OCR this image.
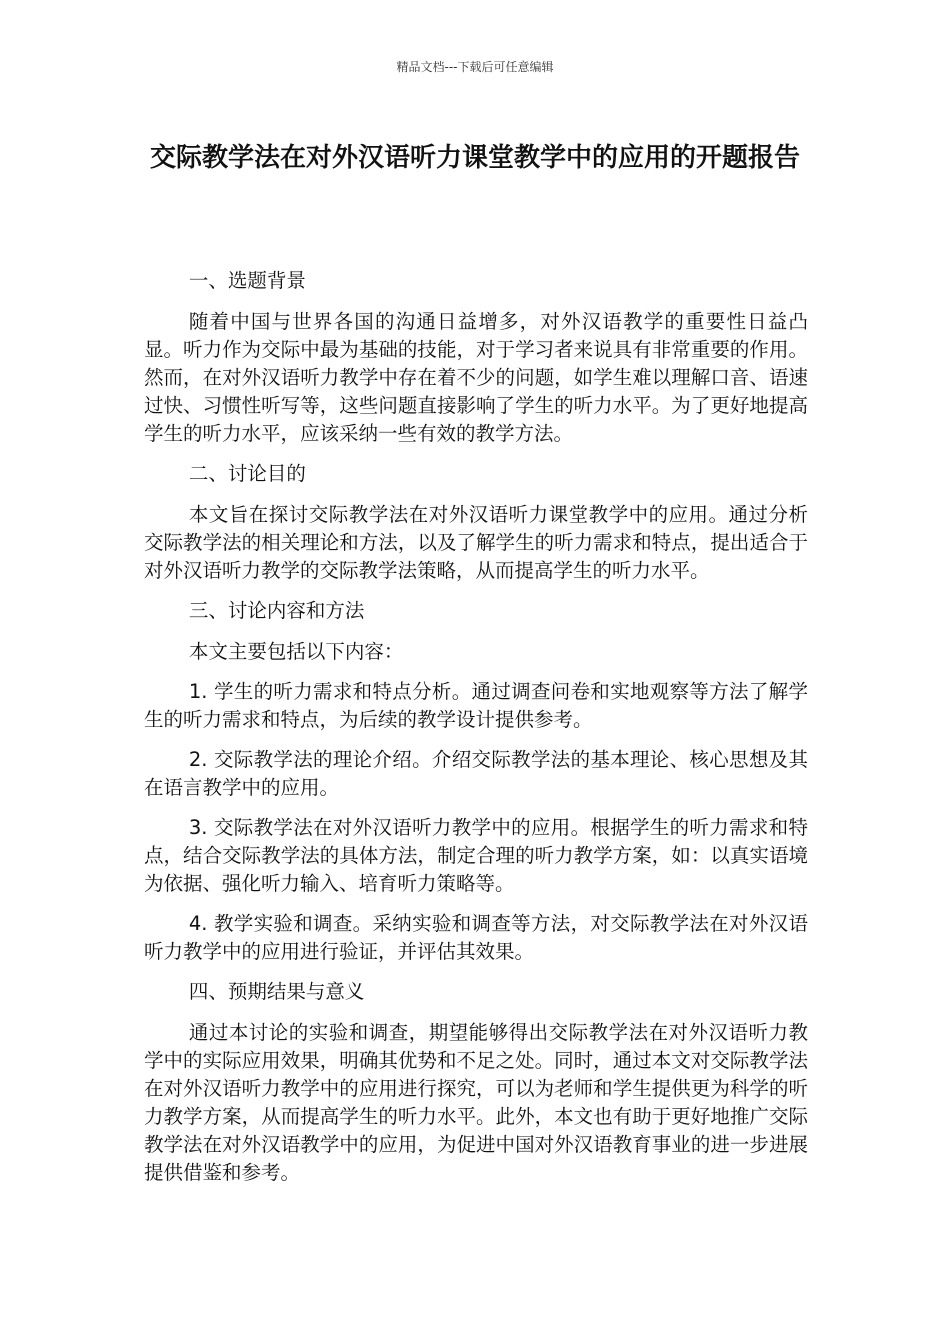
精品文档---下载后可任意编辑
交际教学法在对外汉语听力课堂教学中的应用的开题报告

一、选题背景

随着中国与世界各国的沟通日益增多，对外汉语教学的重要性日益凸显。听力作为交际中最为基础的技能，对于学习者来说具有非常重要的作用。然而，在对外汉语听力教学中存在着不少的问题，如学生难以理解口音、语速过快、习惯性听写等，这些问题直接影响了学生的听力水平。为了更好地提高学生的听力水平，应该采纳一些有效的教学方法。

二、讨论目的

本文旨在探讨交际教学法在对外汉语听力课堂教学中的应用。通过分析交际教学法的相关理论和方法，以及了解学生的听力需求和特点，提出适合于对外汉语听力教学的交际教学法策略，从而提高学生的听力水平。

三、讨论内容和方法

本文主要包括以下内容：

1. 学生的听力需求和特点分析。通过调查问卷和实地观察等方法了解学生的听力需求和特点，为后续的教学设计提供参考。

2. 交际教学法的理论介绍。介绍交际教学法的基本理论、核心思想及其在语言教学中的应用。

3. 交际教学法在对外汉语听力教学中的应用。根据学生的听力需求和特点，结合交际教学法的具体方法，制定合理的听力教学方案，如：以真实语境为依据、强化听力输入、培育听力策略等。

4. 教学实验和调查。采纳实验和调查等方法，对交际教学法在对外汉语听力教学中的应用进行验证，并评估其效果。

四、预期结果与意义

通过本讨论的实验和调查，期望能够得出交际教学法在对外汉语听力教学中的实际应用效果，明确其优势和不足之处。同时，通过本文对交际教学法在对外汉语听力教学中的应用进行探究，可以为老师和学生提供更为科学的听力教学方案，从而提高学生的听力水平。此外，本文也有助于更好地推广交际教学法在对外汉语教学中的应用，为促进中国对外汉语教育事业的进一步进展提供借鉴和参考。
